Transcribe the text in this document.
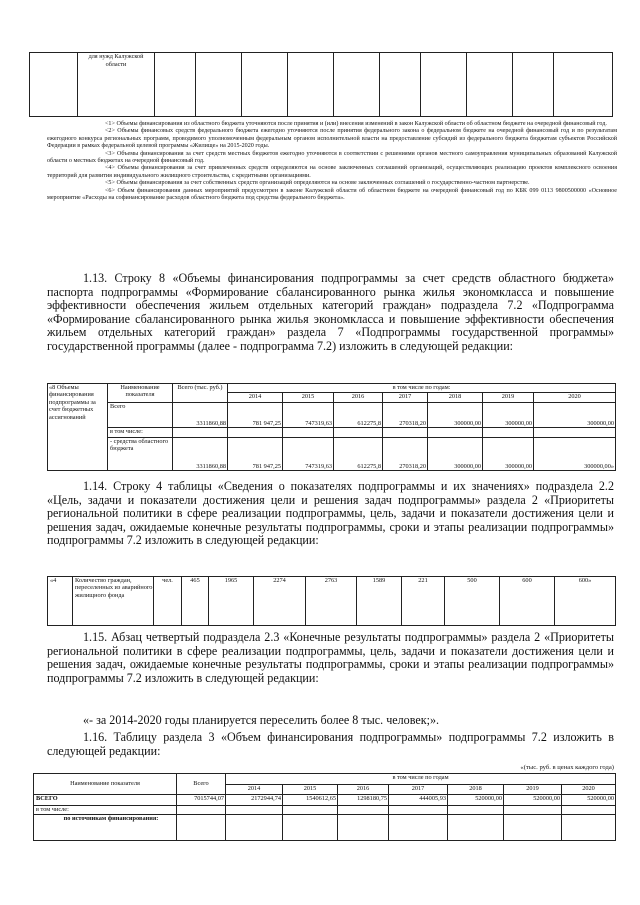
	для нужд Калужской области										

<1> Объемы финансирования из областного бюджета уточняются после принятия и (или) внесения изменений в закон Калужской области об областном бюджете на очередной финансовый год.

<2> Объемы финансовых средств федерального бюджета ежегодно уточняются после принятия федерального закона о федеральном бюджете на очередной финансовый год и по результатам ежегодного конкурса региональных программ, проводимого уполномоченным федеральным органом исполнительной власти на предоставление субсидий из федерального бюджета бюджетам субъектов Российской Федерации в рамках федеральной целевой программы «Жилище» на 2015-2020 годы.

<3> Объемы финансирования за счет средств местных бюджетов ежегодно уточняются в соответствии с решениями органов местного самоуправления муниципальных образований Калужской области о местных бюджетах на очередной финансовый год.

<4> Объемы финансирования за счет привлеченных средств определяются на основе заключенных соглашений организаций, осуществляющих реализацию проектов комплексного освоения территорий для развития индивидуального жилищного строительства, с кредитными организациями.

<5> Объемы финансирования за счет собственных средств организаций определяются на основе заключенных соглашений о государственно-частном партнерстве.

<6> Объем финансирования данных мероприятий предусмотрен в законе Калужской области об областном бюджете на очередной финансовый год по КБК 099 0113 9800500000 «Основное мероприятие «Расходы на софинансирование расходов областного бюджета под средства федерального бюджета».

1.13. Строку 8 «Объемы финансирования подпрограммы за счет средств областного бюджета» паспорта подпрограммы «Формирование сбалансированного рынка жилья экономкласса и повышение эффективности обеспечения жильем отдельных категорий граждан» подраздела 7.2 «Подпрограмма «Формирование сбалансированного рынка жилья экономкласса и повышение эффективности обеспечения жильем отдельных категорий граждан» раздела 7 «Подпрограммы государственной программы» государственной программы (далее - подпрограмма 7.2) изложить в следующей редакции:

«8 Объемы финансирования подпрограммы за счет бюджетных ассигнований	Наименование показателя	Всего (тыс. руб.)	в том числе по годам:						
			2014	2015	2016	2017	2018	2019	2020
	Всего	3311860,88	781 947,25	747319,63	612275,8	270318,20	300000,00	300000,00	300000,00
	в том числе:								
	- средства областного бюджета	3311860,88	781 947,25	747319,63	612275,8	270318,20	300000,00	300000,00	300000,00»

1.14. Строку 4 таблицы «Сведения о показателях подпрограммы и их значениях» подраздела 2.2 «Цель, задачи и показатели достижения цели и решения задач подпрограммы» раздела 2 «Приоритеты региональной политики в сфере реализации подпрограммы, цель, задачи и показатели достижения цели и решения задач, ожидаемые конечные результаты подпрограммы, сроки и этапы реализации подпрограммы» подпрограммы 7.2 изложить в следующей редакции:

«4	Количество граждан, переселенных из аварийного жилищного фонда	чел.	465	1965	2274	2763	1589	221	500	600	600»

1.15. Абзац четвертый подраздела 2.3 «Конечные результаты подпрограммы» раздела 2 «Приоритеты региональной политики в сфере реализации подпрограммы, цель, задачи и показатели достижения цели и решения задач, ожидаемые конечные результаты подпрограммы, сроки и этапы реализации подпрограммы» подпрограммы 7.2 изложить в следующей редакции:

«- за 2014-2020 годы планируется переселить более 8 тыс. человек;».

1.16. Таблицу раздела 3 «Объем финансирования подпрограммы» подпрограммы 7.2 изложить в следующей редакции:

«(тыс. руб. в ценах каждого года)
Наименование показателя	Всего	в том числе по годам						
		2014	2015	2016	2017	2018	2019	2020
ВСЕГО	7015744,07	2172944,74	1540612,65	1298180,75	444005,93	520000,00	520000,00	520000,00
в том числе:								
по источникам финансирования:								
